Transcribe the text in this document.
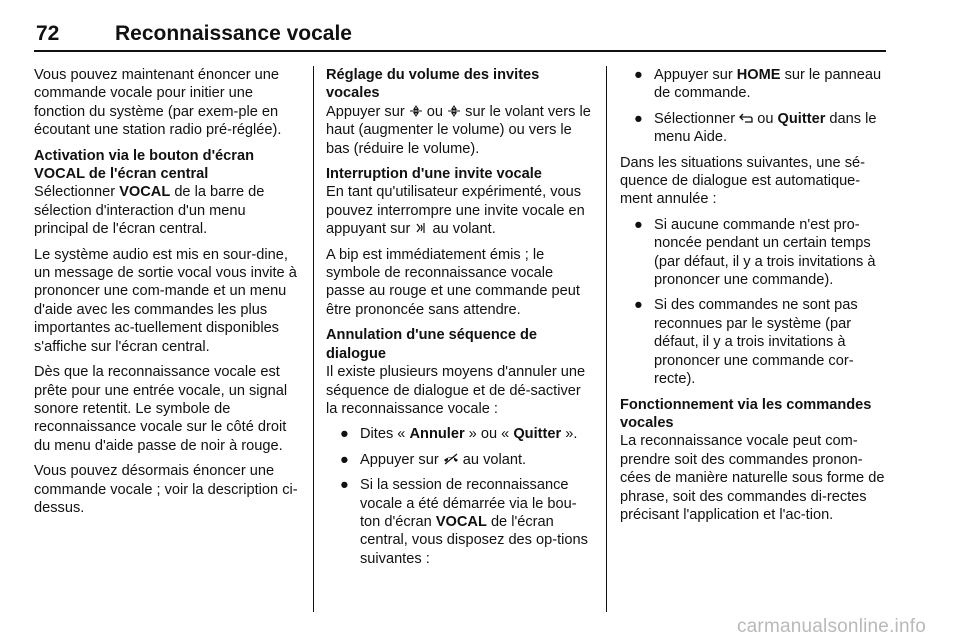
72	Reconnaissance vocale

Vous pouvez maintenant énoncer une commande vocale pour initier une fonction du système (par exem-ple en écoutant une station radio pré-réglée).

Activation via le bouton d'écran VOCAL de l'écran central

Sélectionner VOCAL de la barre de sélection d'interaction d'un menu principal de l'écran central.

Le système audio est mis en sour-dine, un message de sortie vocal vous invite à prononcer une com-mande et un menu d'aide avec les commandes les plus importantes ac-tuellement disponibles s'affiche sur l'écran central.

Dès que la reconnaissance vocale est prête pour une entrée vocale, un signal sonore retentit. Le symbole de reconnaissance vocale sur le côté droit du menu d'aide passe de noir à rouge.

Vous pouvez désormais énoncer une commande vocale ; voir la description ci-dessus.

Réglage du volume des invites vocales

Appuyer sur  ou  sur le volant vers le haut (augmenter le volume) ou vers le bas (réduire le volume).

Interruption d'une invite vocale

En tant qu'utilisateur expérimenté, vous pouvez interrompre une invite vocale en appuyant sur  au volant.

A bip est immédiatement émis ; le symbole de reconnaissance vocale passe au rouge et une commande peut être prononcée sans attendre.

Annulation d'une séquence de dialogue

Il existe plusieurs moyens d'annuler une séquence de dialogue et de dé-sactiver la reconnaissance vocale :

● Dites « Annuler » ou « Quitter ».
● Appuyer sur  au volant.
● Si la session de reconnaissance vocale a été démarrée via le bou-ton d'écran VOCAL de l'écran central, vous disposez des op-tions suivantes :
● Appuyer sur HOME sur le panneau de commande.
● Sélectionner  ou Quitter dans le menu Aide.

Dans les situations suivantes, une sé-quence de dialogue est automatique-ment annulée :

● Si aucune commande n'est pro-noncée pendant un certain temps (par défaut, il y a trois invitations à prononcer une commande).
● Si des commandes ne sont pas reconnues par le système (par défaut, il y a trois invitations à prononcer une commande cor-recte).
Fonctionnement via les commandes vocales

La reconnaissance vocale peut com-prendre soit des commandes pronon-cées de manière naturelle sous forme de phrase, soit des commandes di-rectes précisant l'application et l'ac-tion.

carmanualsonline.info
